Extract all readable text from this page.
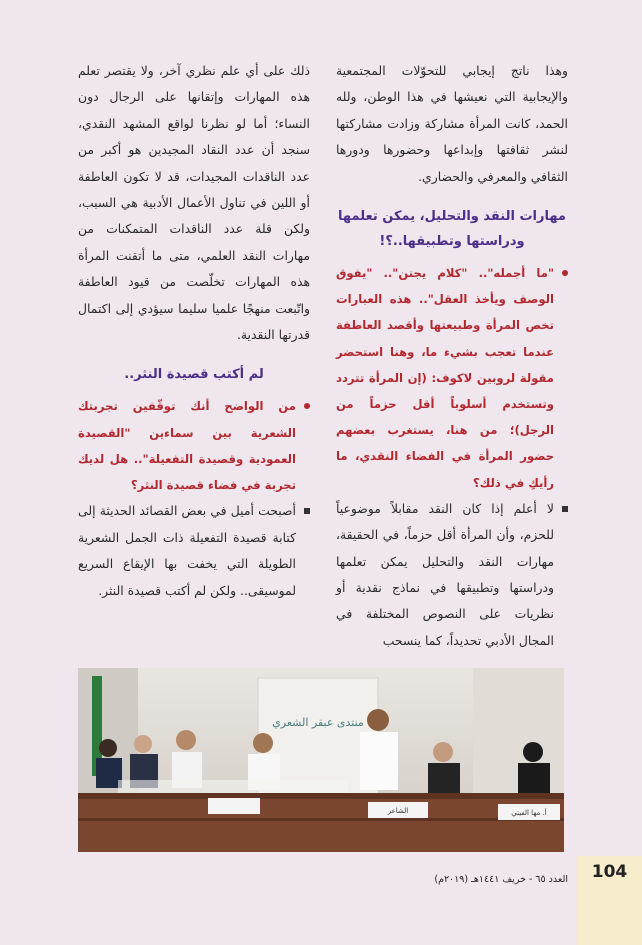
وهذا ناتج إيجابي للتحوّلات المجتمعية والإيجابية التي نعيشها في هذا الوطن، ولله الحمد، كانت المرأة مشاركة وزادت مشاركتها لنشر ثقافتها وإبداعها وحضورها ودورها الثقافي والمعرفي والحضاري.

مهارات النقد والتحليل، يمكن تعلمها ودراستها وتطبيقها..؟!

"ما أجمله".. "كلام يجنن".. "يفوق الوصف ويأخذ العقل".. هذه العبارات تخص المرأة وطبيعتها وأقصد العاطفة عندما تعجب بشيء ما، وهنا استحضر مقولة لروبين لاكوف: (إن المرأة تتردد وتستخدم أسلوباً أقل حزماً من الرجل)؛ من هنا، يستغرب بعضهم حضور المرأة في الفضاء النقدي، ما رأيكِ في ذلك؟

لا أعلم إذا كان النقد مقابلاً موضوعياً للحزم، وأن المرأة أقل حزماً، في الحقيقة، مهارات النقد والتحليل يمكن تعلمها ودراستها وتطبيقها في نماذج نقدية أو نظريات على النصوص المختلفة في المجال الأدبي تحديداً، كما ينسحب

ذلك على أي علم نظري آخر، ولا يقتصر تعلم هذه المهارات وإتقانها على الرجال دون النساء؛ أما لو نظرنا لواقع المشهد النقدي، سنجد أن عدد النقاد المجيدين هو أكبر من عدد الناقدات المجيدات، قد لا تكون العاطفة أو اللين في تناول الأعمال الأدبية هي السبب، ولكن قلة عدد الناقدات المتمكنات من مهارات النقد العلمي، متى ما أتقنت المرأة هذه المهارات تخلّصت من قيود العاطفة واتّبعت منهجًا علميا سليما سيؤدي إلى اكتمال قدرتها النقدية.

لم أكتب قصيدة النثر..

من الواضح أنك توقّفين تجربتك الشعرية بين سماءين "القصيدة العمودية وقصيدة التفعيلة".. هل لديك تجربة في فضاء قصيدة النثر؟

أصبحت أميل في بعض القصائد الحديثة إلى كتابة قصيدة التفعيلة ذات الجمل الشعرية الطويلة التي يخفت بها الإيقاع السريع لموسيقى.. ولكن لم أكتب قصيدة النثر.

منتدى عبقر الشعري
أ. مها الفيتي
الشاعر
104
العدد ٦٥ - خريف ١٤٤١هـ (٢٠١٩م)
